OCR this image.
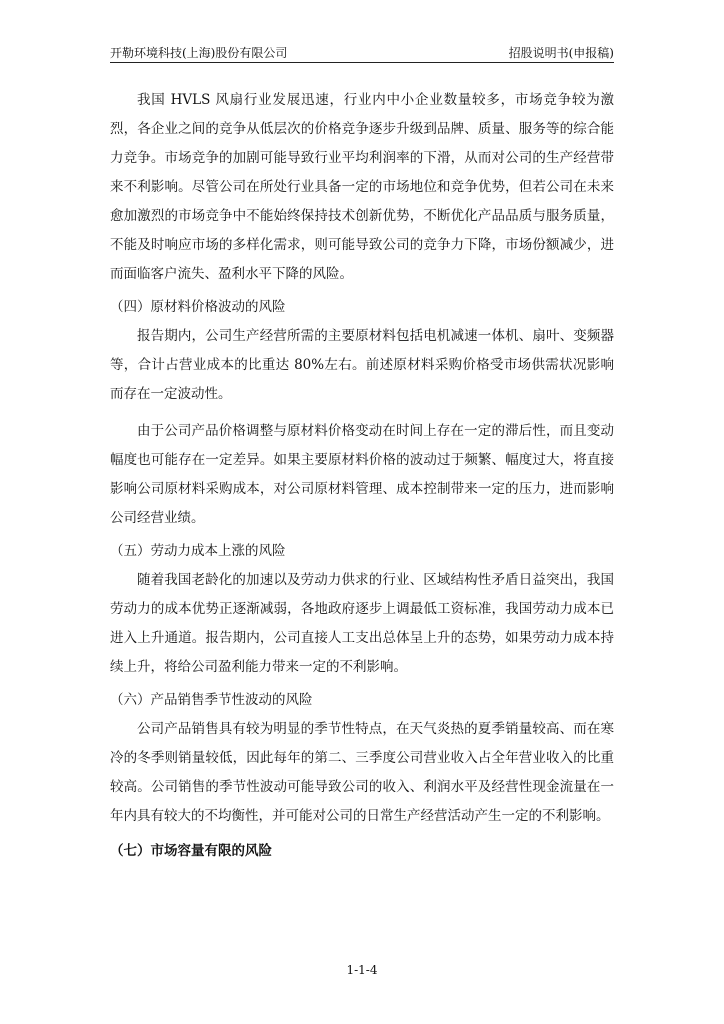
开勒环境科技(上海)股份有限公司	招股说明书(申报稿)

我国 HVLS 风扇行业发展迅速，行业内中小企业数量较多，市场竞争较为激烈，各企业之间的竞争从低层次的价格竞争逐步升级到品牌、质量、服务等的综合能力竞争。市场竞争的加剧可能导致行业平均利润率的下滑，从而对公司的生产经营带来不利影响。尽管公司在所处行业具备一定的市场地位和竞争优势，但若公司在未来愈加激烈的市场竞争中不能始终保持技术创新优势，不断优化产品品质与服务质量，不能及时响应市场的多样化需求，则可能导致公司的竞争力下降，市场份额减少，进而面临客户流失、盈利水平下降的风险。

（四）原材料价格波动的风险

报告期内，公司生产经营所需的主要原材料包括电机减速一体机、扇叶、变频器等，合计占营业成本的比重达 80%左右。前述原材料采购价格受市场供需状况影响而存在一定波动性。

由于公司产品价格调整与原材料价格变动在时间上存在一定的滞后性，而且变动幅度也可能存在一定差异。如果主要原材料价格的波动过于频繁、幅度过大，将直接影响公司原材料采购成本，对公司原材料管理、成本控制带来一定的压力，进而影响公司经营业绩。

（五）劳动力成本上涨的风险

随着我国老龄化的加速以及劳动力供求的行业、区域结构性矛盾日益突出，我国劳动力的成本优势正逐渐减弱，各地政府逐步上调最低工资标准，我国劳动力成本已进入上升通道。报告期内，公司直接人工支出总体呈上升的态势，如果劳动力成本持续上升，将给公司盈利能力带来一定的不利影响。

（六）产品销售季节性波动的风险

公司产品销售具有较为明显的季节性特点，在天气炎热的夏季销量较高、而在寒冷的冬季则销量较低，因此每年的第二、三季度公司营业收入占全年营业收入的比重较高。公司销售的季节性波动可能导致公司的收入、利润水平及经营性现金流量在一年内具有较大的不均衡性，并可能对公司的日常生产经营活动产生一定的不利影响。

（七）市场容量有限的风险
1-1-4
